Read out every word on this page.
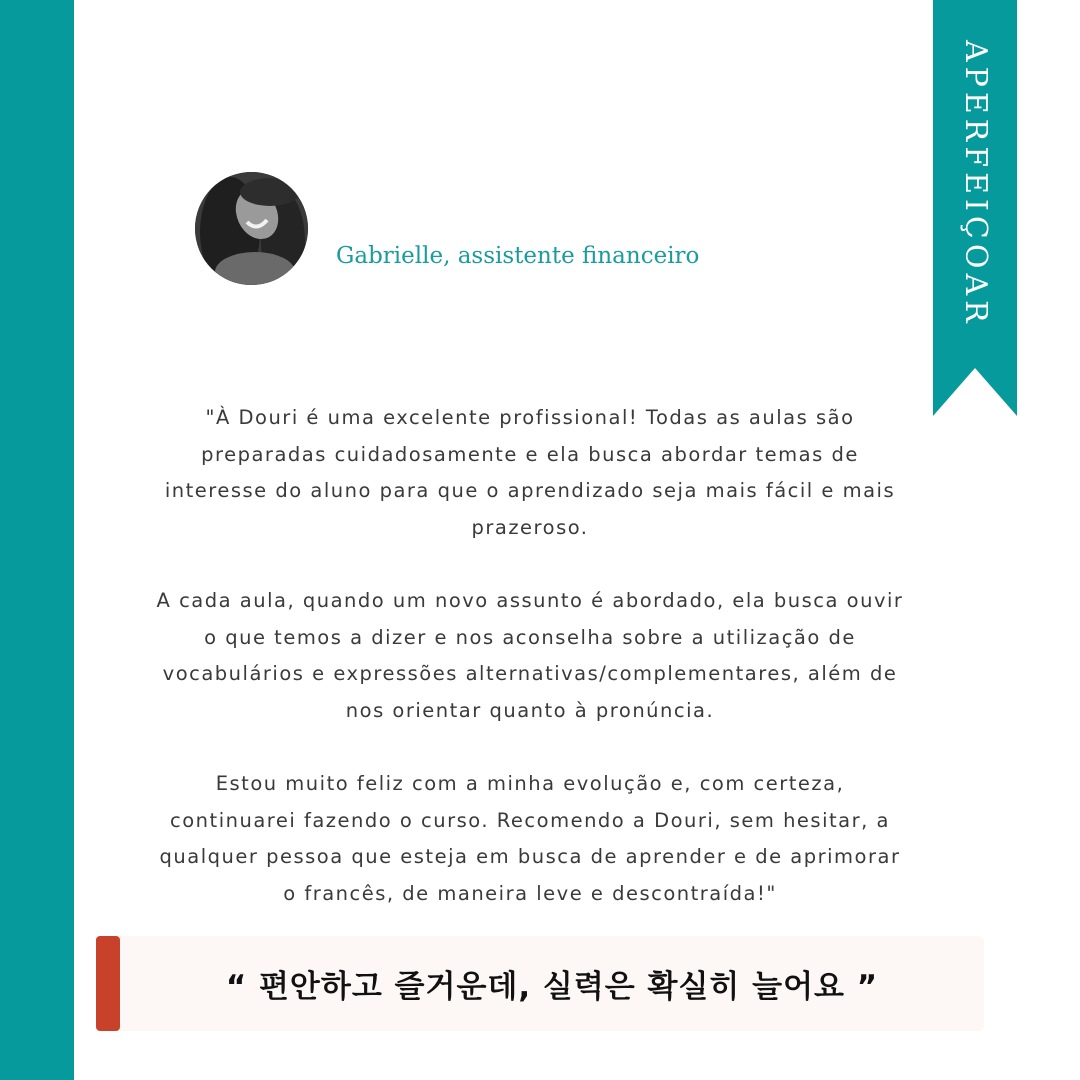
APERFEIÇOAR
Gabrielle, assistente financeiro

"À Douri é uma excelente profissional! Todas as aulas são preparadas cuidadosamente e ela busca abordar temas de interesse do aluno para que o aprendizado seja mais fácil e mais prazeroso.

A cada aula, quando um novo assunto é abordado, ela busca ouvir o que temos a dizer e nos aconselha sobre a utilização de vocabulários e expressões alternativas/complementares, além de nos orientar quanto à pronúncia.

Estou muito feliz com a minha evolução e, com certeza, continuarei fazendo o curso. Recomendo a Douri, sem hesitar, a qualquer pessoa que esteja em busca de aprender e de aprimorar o francês, de maneira leve e descontraída!"

“ 편안하고 즐거운데, 실력은 확실히 늘어요 ”
